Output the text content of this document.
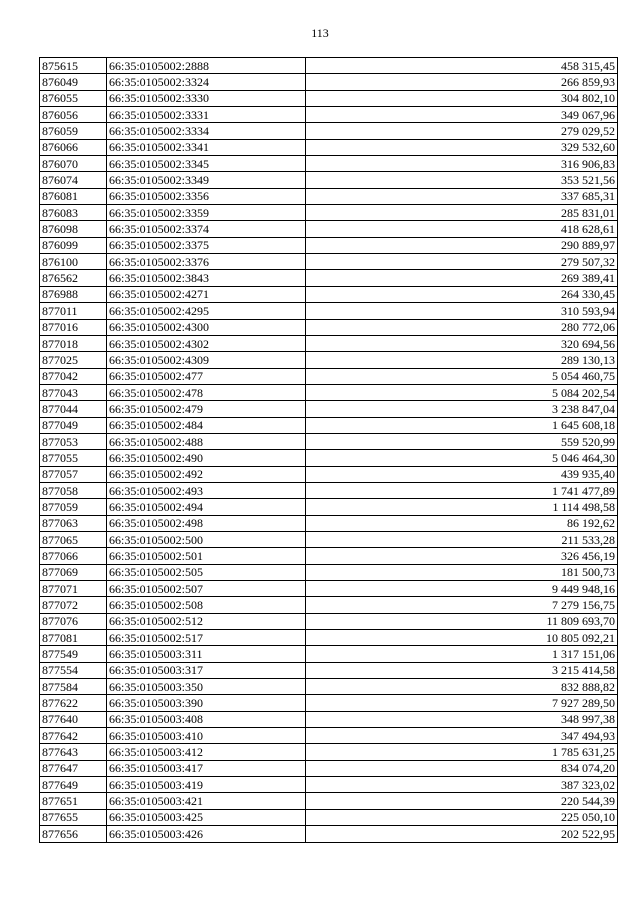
113
875615	66:35:0105002:2888	458 315,45
876049	66:35:0105002:3324	266 859,93
876055	66:35:0105002:3330	304 802,10
876056	66:35:0105002:3331	349 067,96
876059	66:35:0105002:3334	279 029,52
876066	66:35:0105002:3341	329 532,60
876070	66:35:0105002:3345	316 906,83
876074	66:35:0105002:3349	353 521,56
876081	66:35:0105002:3356	337 685,31
876083	66:35:0105002:3359	285 831,01
876098	66:35:0105002:3374	418 628,61
876099	66:35:0105002:3375	290 889,97
876100	66:35:0105002:3376	279 507,32
876562	66:35:0105002:3843	269 389,41
876988	66:35:0105002:4271	264 330,45
877011	66:35:0105002:4295	310 593,94
877016	66:35:0105002:4300	280 772,06
877018	66:35:0105002:4302	320 694,56
877025	66:35:0105002:4309	289 130,13
877042	66:35:0105002:477	5 054 460,75
877043	66:35:0105002:478	5 084 202,54
877044	66:35:0105002:479	3 238 847,04
877049	66:35:0105002:484	1 645 608,18
877053	66:35:0105002:488	559 520,99
877055	66:35:0105002:490	5 046 464,30
877057	66:35:0105002:492	439 935,40
877058	66:35:0105002:493	1 741 477,89
877059	66:35:0105002:494	1 114 498,58
877063	66:35:0105002:498	86 192,62
877065	66:35:0105002:500	211 533,28
877066	66:35:0105002:501	326 456,19
877069	66:35:0105002:505	181 500,73
877071	66:35:0105002:507	9 449 948,16
877072	66:35:0105002:508	7 279 156,75
877076	66:35:0105002:512	11 809 693,70
877081	66:35:0105002:517	10 805 092,21
877549	66:35:0105003:311	1 317 151,06
877554	66:35:0105003:317	3 215 414,58
877584	66:35:0105003:350	832 888,82
877622	66:35:0105003:390	7 927 289,50
877640	66:35:0105003:408	348 997,38
877642	66:35:0105003:410	347 494,93
877643	66:35:0105003:412	1 785 631,25
877647	66:35:0105003:417	834 074,20
877649	66:35:0105003:419	387 323,02
877651	66:35:0105003:421	220 544,39
877655	66:35:0105003:425	225 050,10
877656	66:35:0105003:426	202 522,95
